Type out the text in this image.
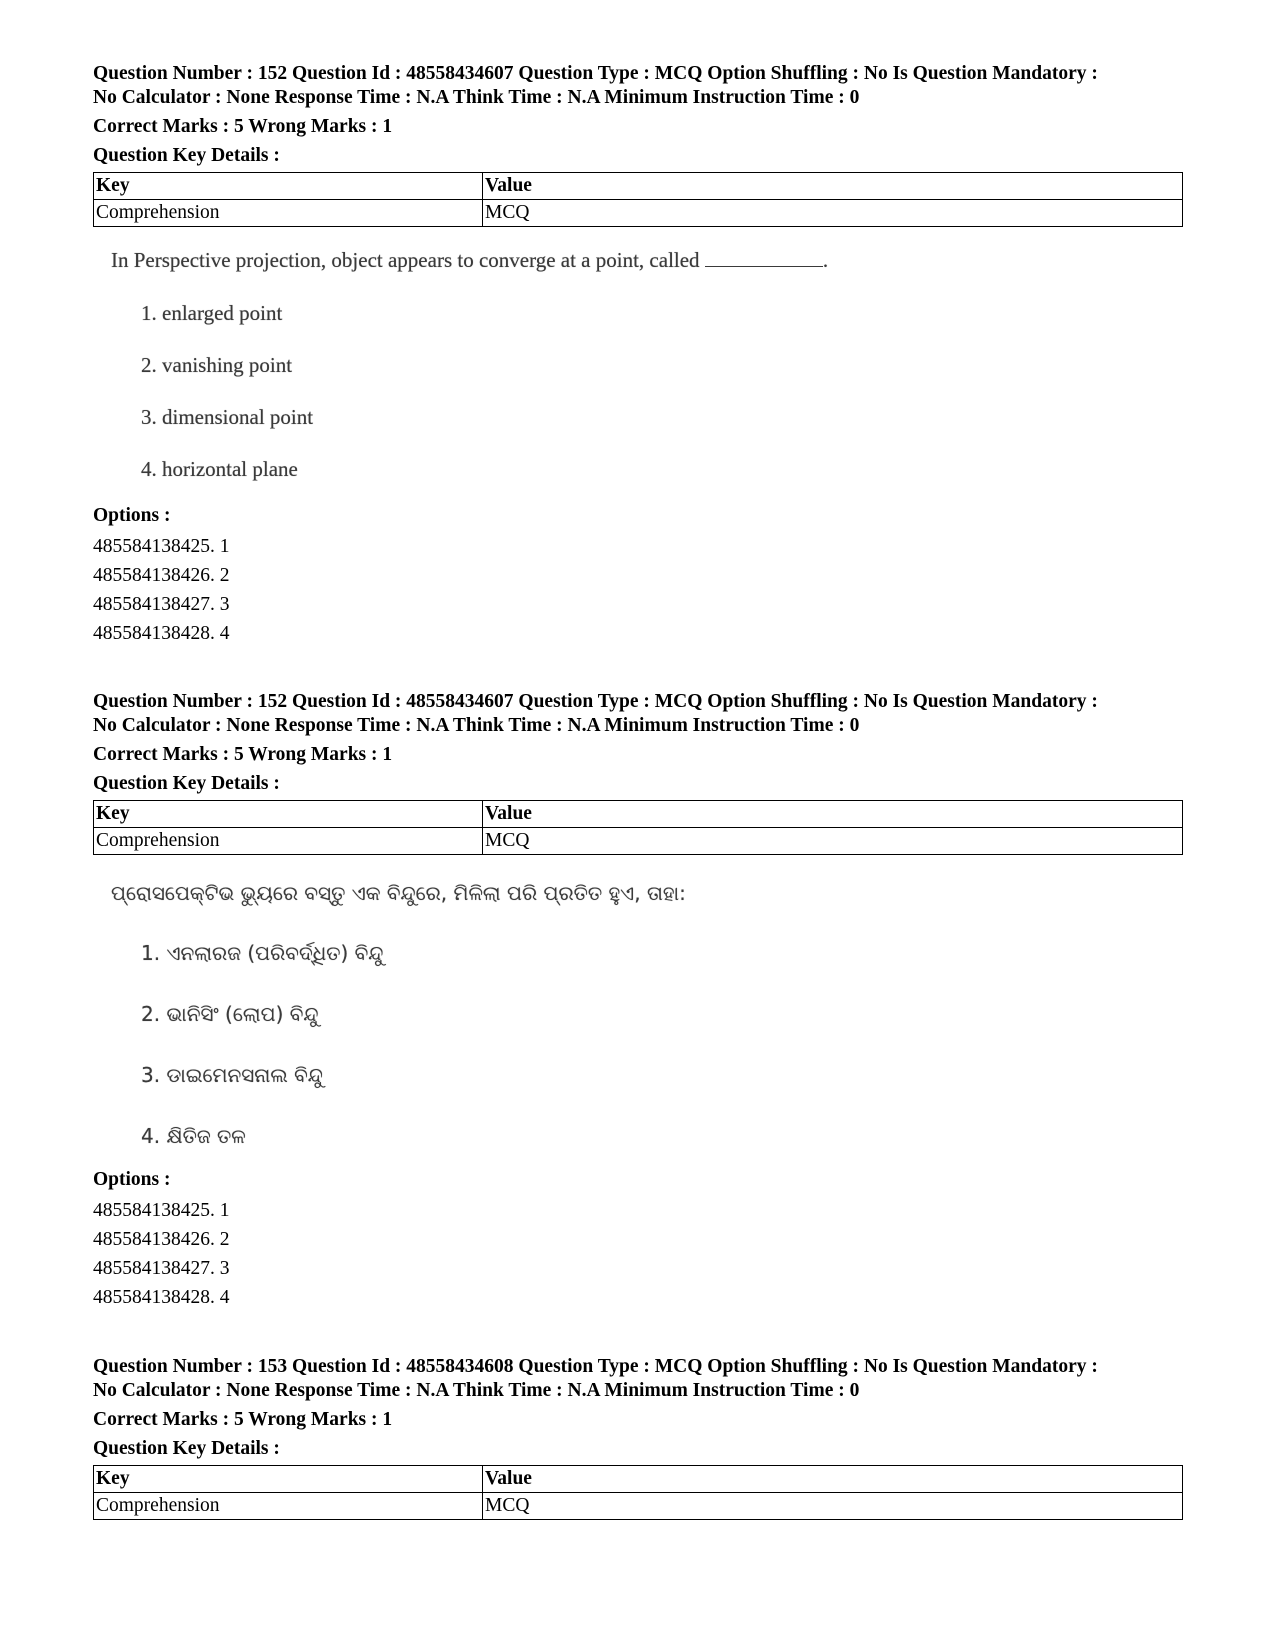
Question Number : 152 Question Id : 48558434607 Question Type : MCQ Option Shuffling : No Is Question Mandatory :
No Calculator : None Response Time : N.A Think Time : N.A Minimum Instruction Time : 0
Correct Marks : 5 Wrong Marks : 1
Question Key Details :
Key	Value
Comprehension	MCQ
In Perspective projection, object appears to converge at a point, called	.
1. enlarged point
2. vanishing point
3. dimensional point
4. horizontal plane
Options :
485584138425. 1
485584138426. 2
485584138427. 3
485584138428. 4
Question Number : 152 Question Id : 48558434607 Question Type : MCQ Option Shuffling : No Is Question Mandatory :
No Calculator : None Response Time : N.A Think Time : N.A Minimum Instruction Time : 0
Correct Marks : 5 Wrong Marks : 1
Question Key Details :
Key	Value
Comprehension	MCQ
ପ୍ରୋସପେକ୍ଟିଭ ଭ୍ୟୁରେ ବସ୍ତୁ ଏକ ବିନ୍ଦୁରେ, ମିଳିଲା ପରି ପ୍ରତିତ ହୁଏ, ତାହା:
1. ଏନଲାରଜ (ପରିବର୍ଦ୍ଧିତ) ବିନ୍ଦୁ
2. ଭାନିସିଂ (ଲୋପ) ବିନ୍ଦୁ
3. ଡାଇମେନସନାଲ ବିନ୍ଦୁ
4. କ୍ଷିତିଜ ତଳ
Options :
485584138425. 1
485584138426. 2
485584138427. 3
485584138428. 4
Question Number : 153 Question Id : 48558434608 Question Type : MCQ Option Shuffling : No Is Question Mandatory :
No Calculator : None Response Time : N.A Think Time : N.A Minimum Instruction Time : 0
Correct Marks : 5 Wrong Marks : 1
Question Key Details :
Key	Value
Comprehension	MCQ
